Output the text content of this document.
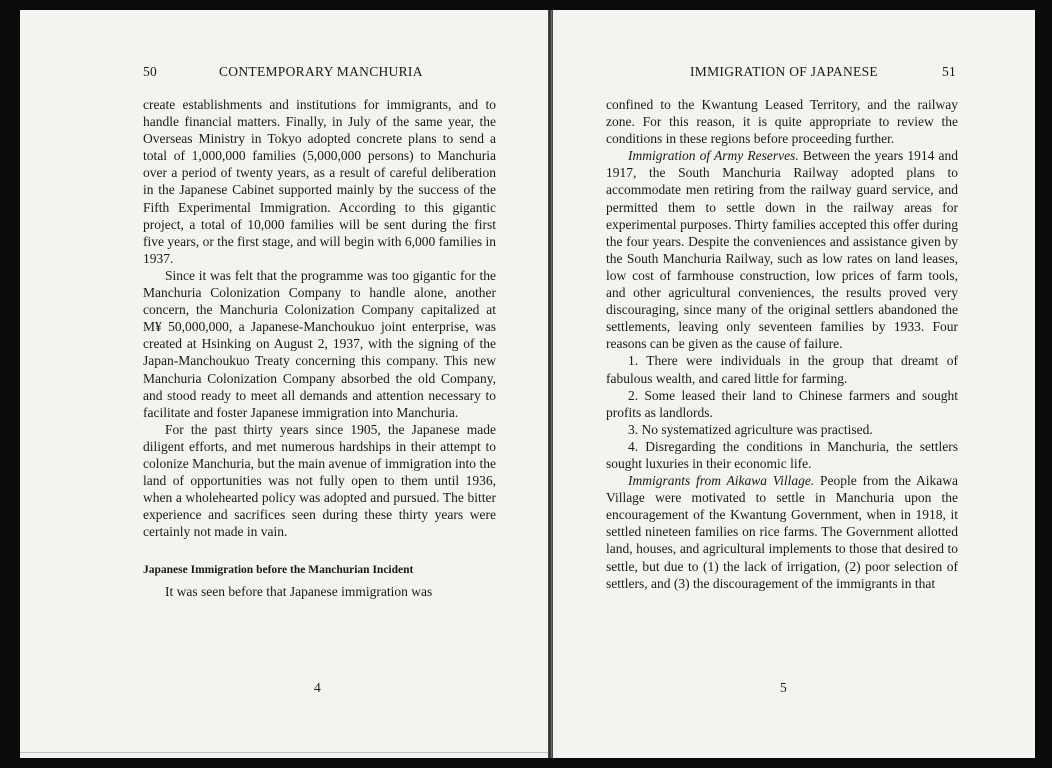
50	CONTEMPORARY MANCHURIA

create establishments and institutions for immigrants, and to handle financial matters. Finally, in July of the same year, the Overseas Ministry in Tokyo adopted concrete plans to send a total of 1,000,000 families (5,000,000 persons) to Manchuria over a period of twenty years, as a result of careful deliberation in the Japanese Cabinet supported mainly by the success of the Fifth Experimental Immigration. According to this gigantic project, a total of 10,000 families will be sent during the first five years, or the first stage, and will begin with 6,000 families in 1937.

Since it was felt that the programme was too gigantic for the Manchuria Colonization Company to handle alone, another concern, the Manchuria Colonization Company capitalized at M¥ 50,000,000, a Japanese-Manchoukuo joint enterprise, was created at Hsinking on August 2, 1937, with the signing of the Japan-Manchoukuo Treaty concerning this company. This new Manchuria Colonization Company absorbed the old Company, and stood ready to meet all demands and attention necessary to facilitate and foster Japanese immigration into Manchuria.

For the past thirty years since 1905, the Japanese made diligent efforts, and met numerous hardships in their attempt to colonize Manchuria, but the main avenue of immigration into the land of opportunities was not fully open to them until 1936, when a wholehearted policy was adopted and pursued. The bitter experience and sacrifices seen during these thirty years were certainly not made in vain.

Japanese Immigration before the Manchurian Incident

It was seen before that Japanese immigration was

4
IMMIGRATION OF JAPANESE	51

confined to the Kwantung Leased Territory, and the railway zone. For this reason, it is quite appropriate to review the conditions in these regions before proceeding further.

Immigration of Army Reserves. Between the years 1914 and 1917, the South Manchuria Railway adopted plans to accommodate men retiring from the railway guard service, and permitted them to settle down in the railway areas for experimental purposes. Thirty families accepted this offer during the four years. Despite the conveniences and assistance given by the South Manchuria Railway, such as low rates on land leases, low cost of farmhouse construction, low prices of farm tools, and other agricultural conveniences, the results proved very discouraging, since many of the original settlers abandoned the settlements, leaving only seventeen families by 1933. Four reasons can be given as the cause of failure.

1. There were individuals in the group that dreamt of fabulous wealth, and cared little for farming.

2. Some leased their land to Chinese farmers and sought profits as landlords.

3. No systematized agriculture was practised.

4. Disregarding the conditions in Manchuria, the settlers sought luxuries in their economic life.

Immigrants from Aikawa Village. People from the Aikawa Village were motivated to settle in Manchuria upon the encouragement of the Kwantung Government, when in 1918, it settled nineteen families on rice farms. The Government allotted land, houses, and agricultural implements to those that desired to settle, but due to (1) the lack of irrigation, (2) poor selection of settlers, and (3) the discouragement of the immigrants in that

5
